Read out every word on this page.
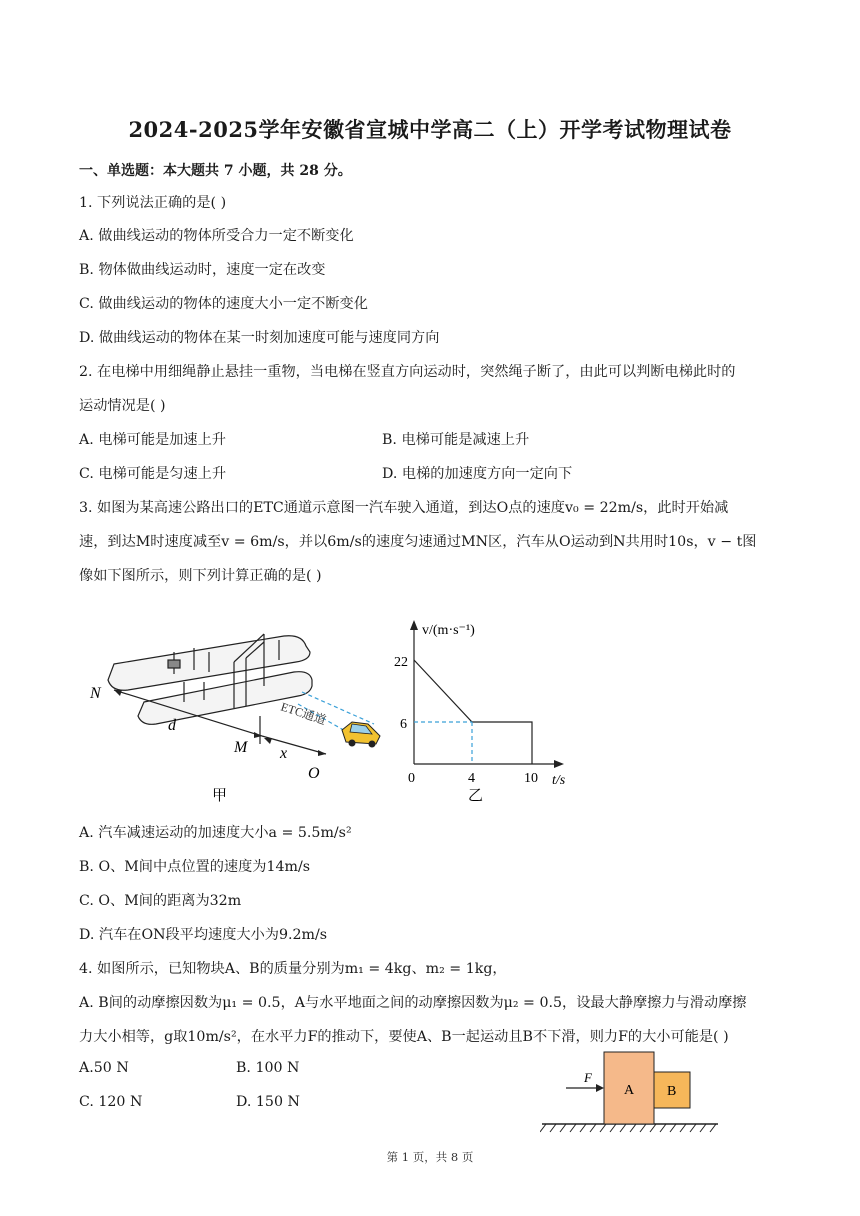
2024-2025学年安徽省宣城中学高二（上）开学考试物理试卷
一、单选题：本大题共 7 小题，共 28 分。
1. 下列说法正确的是( )
A. 做曲线运动的物体所受合力一定不断变化
B. 物体做曲线运动时，速度一定在改变
C. 做曲线运动的物体的速度大小一定不断变化
D. 做曲线运动的物体在某一时刻加速度可能与速度同方向
2. 在电梯中用细绳静止悬挂一重物，当电梯在竖直方向运动时，突然绳子断了，由此可以判断电梯此时的
运动情况是( )
A. 电梯可能是加速上升	B. 电梯可能是减速上升
C. 电梯可能是匀速上升	D. 电梯的加速度方向一定向下
3. 如图为某高速公路出口的ETC通道示意图一汽车驶入通道，到达O点的速度v₀ = 22m/s，此时开始减
速，到达M时速度减至v = 6m/s，并以6m/s的速度匀速通过MN区，汽车从O运动到N共用时10s，v − t图
像如下图所示，则下列计算正确的是( )
N
d
M x
O
ETC通道
甲
v/(m·s⁻¹)
22
6
0	4	10 t/s
乙
A. 汽车减速运动的加速度大小a = 5.5m/s²
B. O、M间中点位置的速度为14m/s
C. O、M间的距离为32m
D. 汽车在ON段平均速度大小为9.2m/s
4. 如图所示，已知物块A、B的质量分别为m₁ = 4kg、m₂ = 1kg，
A. B间的动摩擦因数为μ₁ = 0.5，A与水平地面之间的动摩擦因数为μ₂ = 0.5，设最大静摩擦力与滑动摩擦
力大小相等，g取10m/s²，在水平力F的推动下，要使A、B一起运动且B不下滑，则力F的大小可能是( )
A.50 N	B. 100 N
C. 120 N	D. 150 N
F
A B
第 1 页，共 8 页
